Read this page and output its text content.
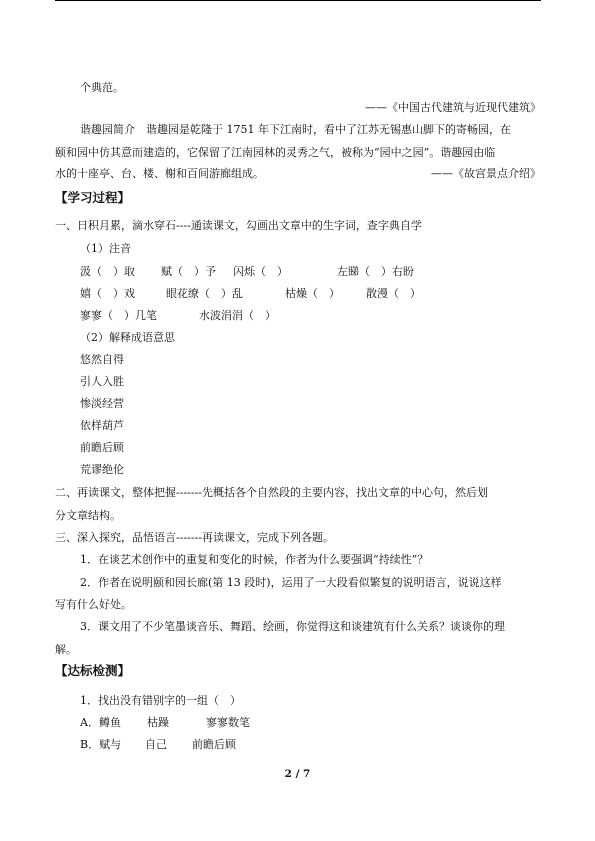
个典范。
——《中国古代建筑与近现代建筑》
谐趣园简介　谐趣园是乾隆于 1751 年下江南时，看中了江苏无锡惠山脚下的寄畅园，在
颐和园中仿其意而建造的，它保留了江南园林的灵秀之气，被称为“园中之园”。谐趣园由临
水的十座亭、台、楼、榭和百间游廊组成。	——《故宫景点介绍》
【学习过程】
一、日积月累，滴水穿石----通读课文，勾画出文章中的生字词，查字典自学
（1）注音
汲（　）取 赋（　）予 闪烁（　）	左睇（　）右盼
嬉（　）戏	眼花缭（　）乱	枯燥（　） 散漫（　）
寥寥（　）几笔	水波涓涓（　）
（2）解释成语意思
悠然自得
引人入胜
惨淡经营
依样葫芦
前瞻后顾
荒谬绝伦
二、再读课文，整体把握-------先概括各个自然段的主要内容，找出文章的中心句，然后划
分文章结构。
三、深入探究，品悟语言-------再读课文，完成下列各题。
1．在谈艺术创作中的重复和变化的时候，作者为什么要强调“持续性”？
2．作者在说明颐和园长廊(第 13 段时)，运用了一大段看似繁复的说明语言，说说这样
写有什么好处。
3．课文用了不少笔墨谈音乐、舞蹈、绘画，你觉得这和谈建筑有什么关系？谈谈你的理
解。
【达标检测】
1．找出没有错别字的一组（　）
A．鳟鱼 枯躁	寥寥数笔
B．赋与 自己 前瞻后顾
2 / 7
